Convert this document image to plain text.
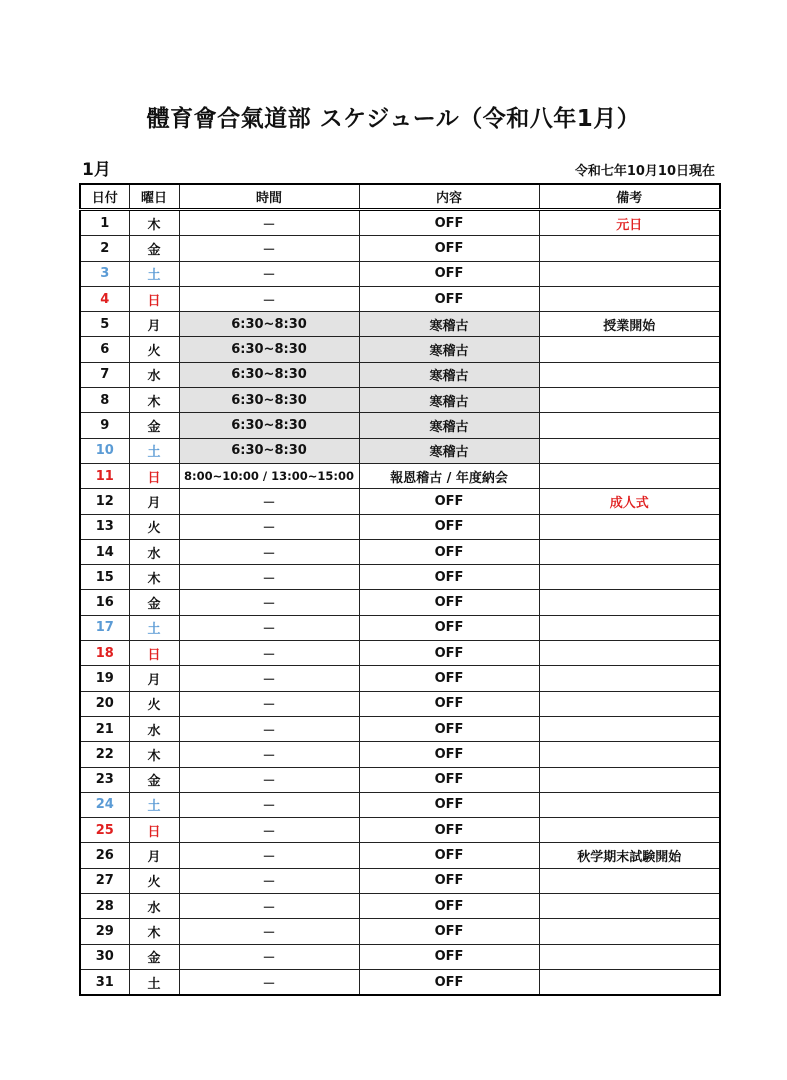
體育會合氣道部 スケジュール（令和八年1月）
1月	令和七年10月10日現在
日付	曜日	時間	内容	備考
1	木	－	OFF	元日
2	金	－	OFF	
3	土	－	OFF	
4	日	－	OFF	
5	月	6:30~8:30	寒稽古	授業開始
6	火	6:30~8:30	寒稽古	
7	水	6:30~8:30	寒稽古	
8	木	6:30~8:30	寒稽古	
9	金	6:30~8:30	寒稽古	
10	土	6:30~8:30	寒稽古	
11	日	8:00~10:00 / 13:00~15:00	報恩稽古 / 年度納会	
12	月	－	OFF	成人式
13	火	－	OFF	
14	水	－	OFF	
15	木	－	OFF	
16	金	－	OFF	
17	土	－	OFF	
18	日	－	OFF	
19	月	－	OFF	
20	火	－	OFF	
21	水	－	OFF	
22	木	－	OFF	
23	金	－	OFF	
24	土	－	OFF	
25	日	－	OFF	
26	月	－	OFF	秋学期末試験開始
27	火	－	OFF	
28	水	－	OFF	
29	木	－	OFF	
30	金	－	OFF	
31	土	－	OFF	
